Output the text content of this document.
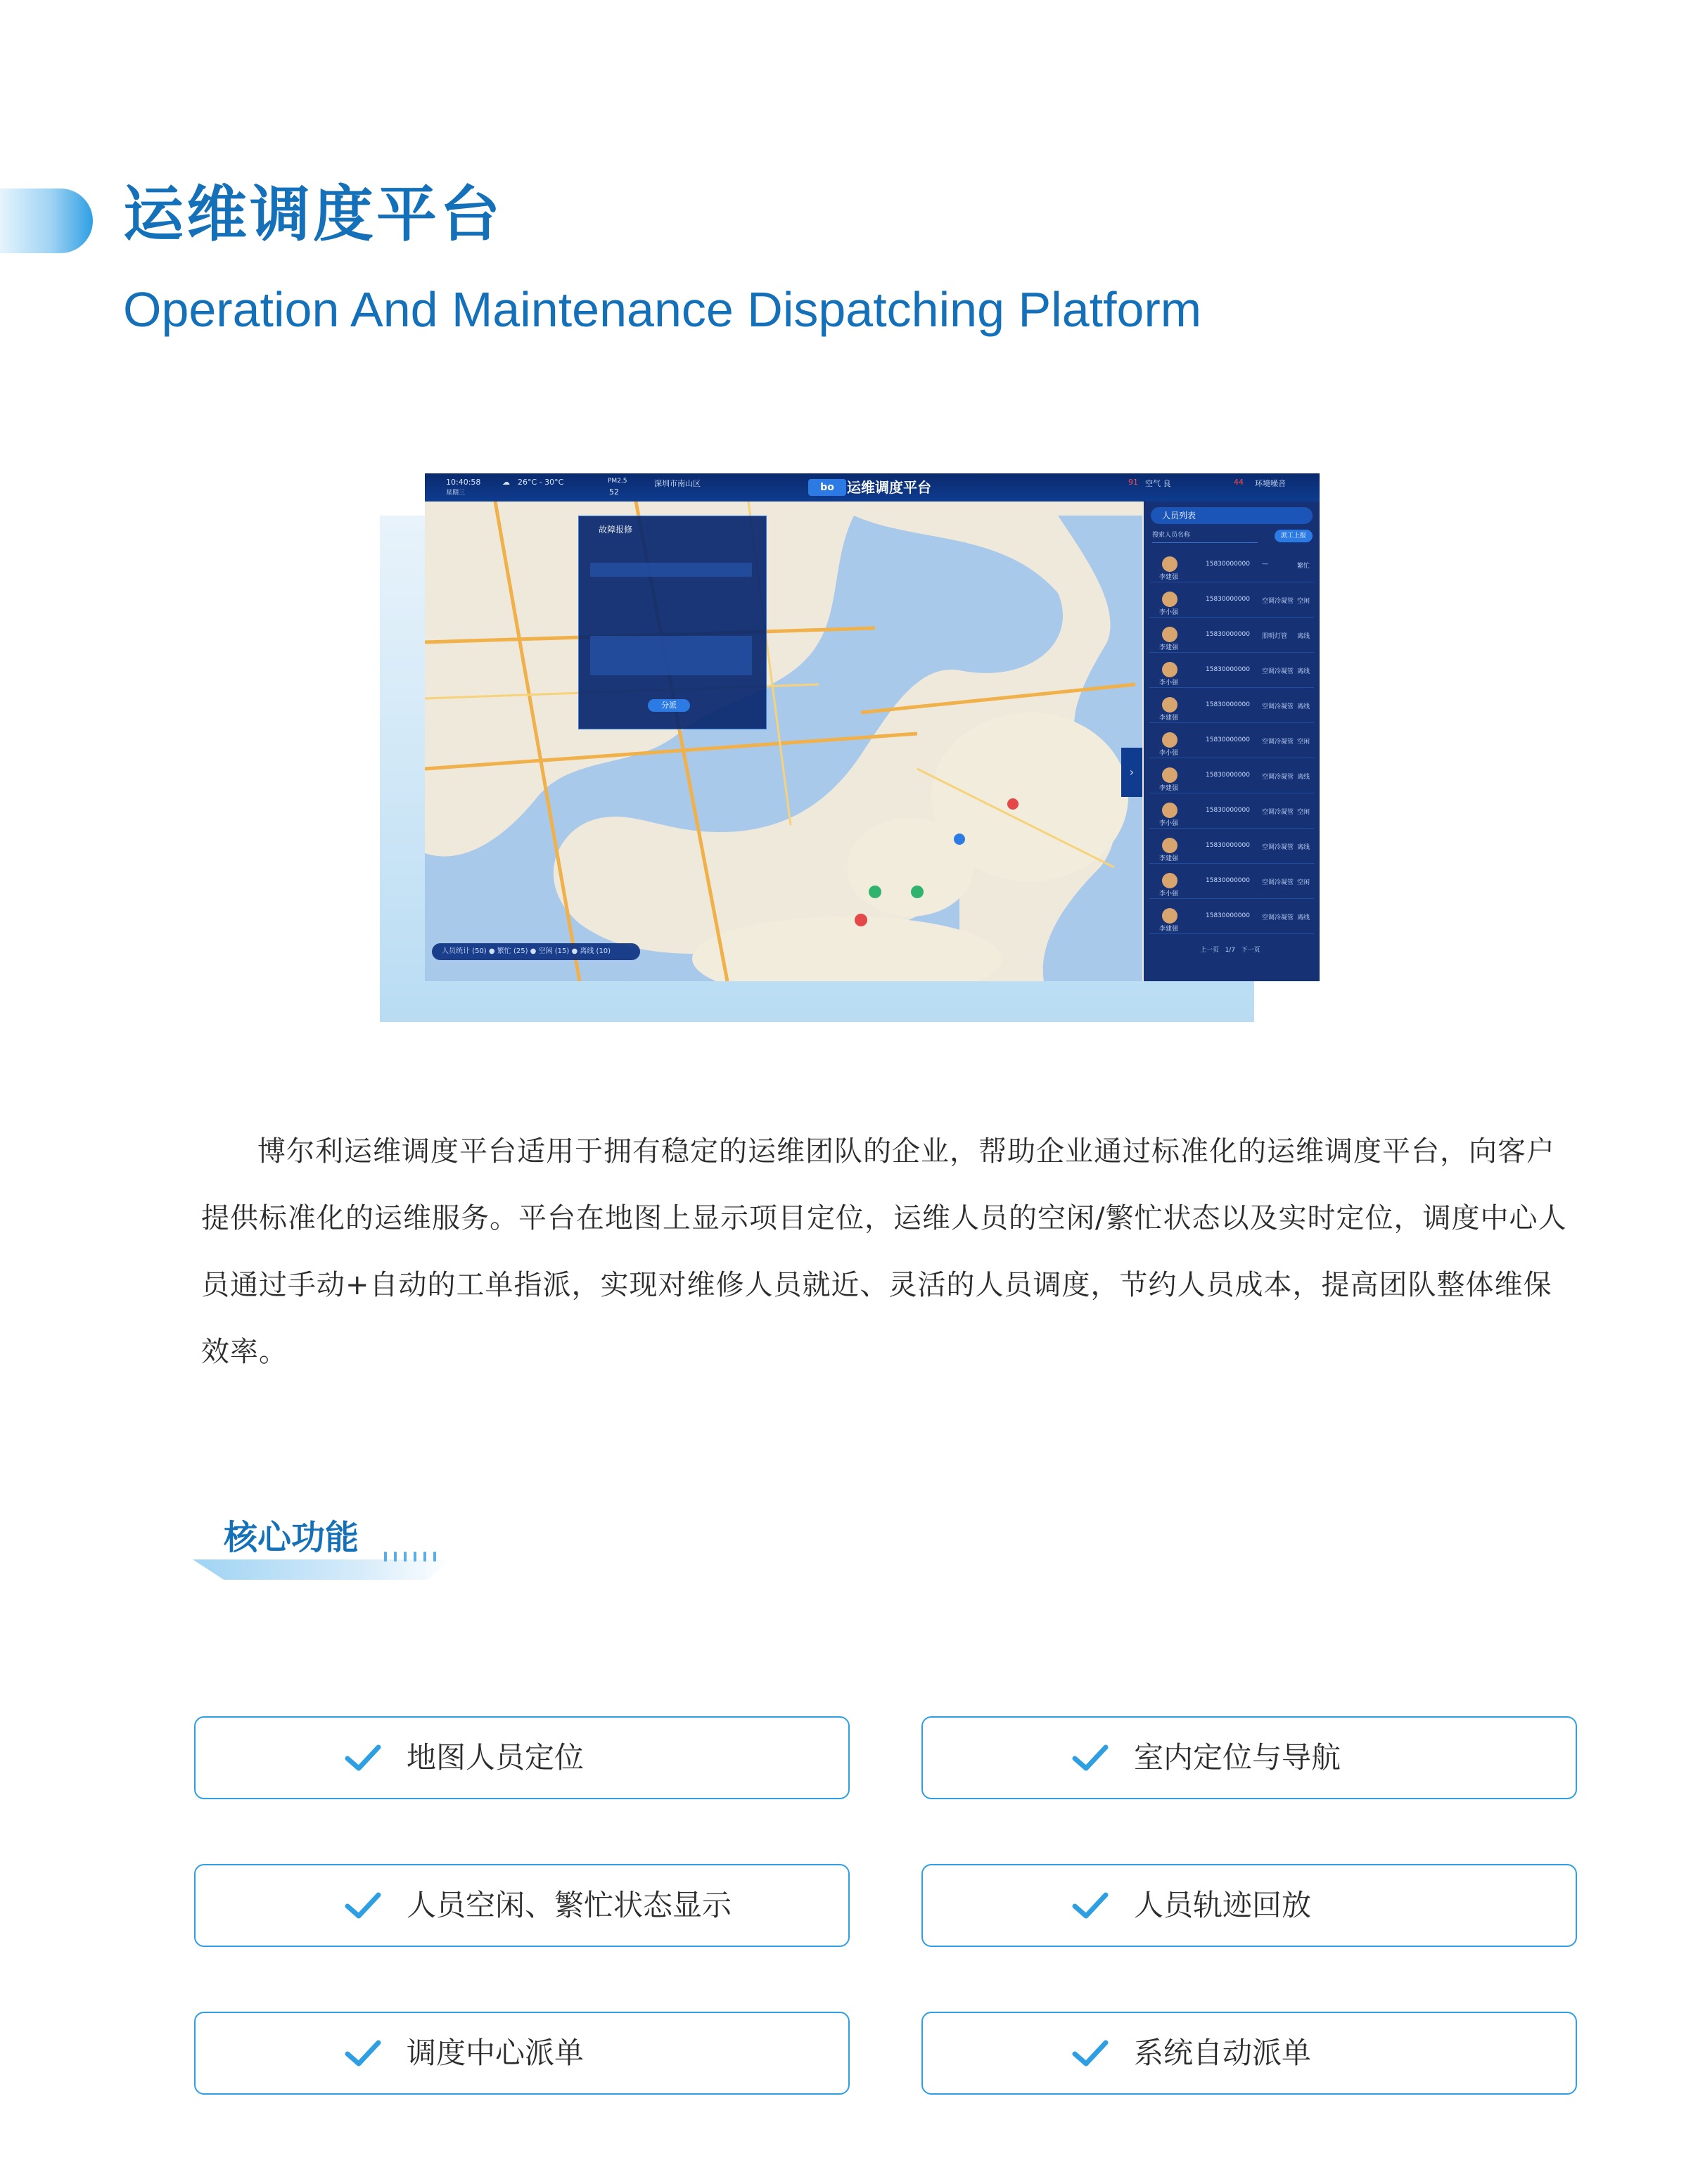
运维调度平台
Operation And Maintenance Dispatching Platform
10:40:58
星期三
☁ 26°C - 30°C	PM2.5
52
深圳市南山区	bo 运维调度平台	91 空气 良	44 环境噪音
故障报修
分派
›
人员列表
搜索人员名称	派工上报
李建强
15830000000 —	繁忙
李小强
15830000000 空调冷凝管 空闲
李建强
15830000000 照明灯管 离线
李小强
15830000000 空调冷凝管 离线
李建强
15830000000 空调冷凝管 离线
李小强
15830000000 空调冷凝管 空闲
李建强
15830000000 空调冷凝管 离线
李小强
15830000000 空调冷凝管 空闲
李建强
15830000000 空调冷凝管 离线
李小强
15830000000 空调冷凝管 空闲
李建强
15830000000 空调冷凝管 离线
上一页   1/7   下一页
人员统计 (50) ● 繁忙 (25) ● 空闲 (15) ● 离线 (10)
博尔利运维调度平台适用于拥有稳定的运维团队的企业，帮助企业通过标准化的运维调度平台，向客户提供标准化的运维服务。平台在地图上显示项目定位，运维人员的空闲/繁忙状态以及实时定位，调度中心人员通过手动+自动的工单指派，实现对维修人员就近、灵活的人员调度，节约人员成本，提高团队整体维保效率。
核心功能
地图人员定位	室内定位与导航
人员空闲、繁忙状态显示	人员轨迹回放
调度中心派单	系统自动派单
